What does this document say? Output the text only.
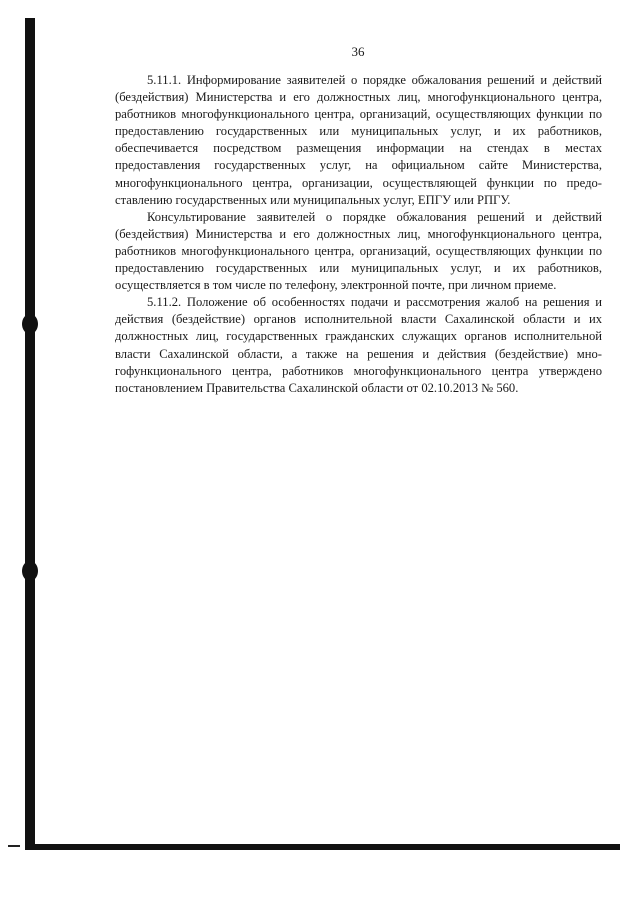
36

5.11.1. Информирование заявителей о порядке обжалования решений и действий (бездействия) Министерства и его должностных лиц, многофункционального центра, работников многофункционального центра, организаций, осуществляющих функции по предоставлению государственных или муниципальных услуг, и их работников, обеспечивается посредством размещения информации на стендах в местах предоставления государственных услуг, на официальном сайте Министерства, многофункционального центра, организации, осуществляющей функции по предоставлению государственных или муниципальных услуг, ЕПГУ или РПГУ.

Консультирование заявителей о порядке обжалования решений и действий (бездействия) Министерства и его должностных лиц, многофункционального центра, работников многофункционального центра, организаций, осуществляющих функции по предоставлению государственных или муниципальных услуг, и их работников, осуществляется в том числе по телефону, электронной почте, при личном приеме.

5.11.2. Положение об особенностях подачи и рассмотрения жалоб на решения и действия (бездействие) органов исполнительной власти Сахалинской области и их должностных лиц, государственных гражданских служащих органов исполнительной власти Сахалинской области, а также на решения и действия (бездействие) многофункционального центра, работников многофункционального центра утверждено постановлением Правительства Сахалинской области от 02.10.2013 № 560.
